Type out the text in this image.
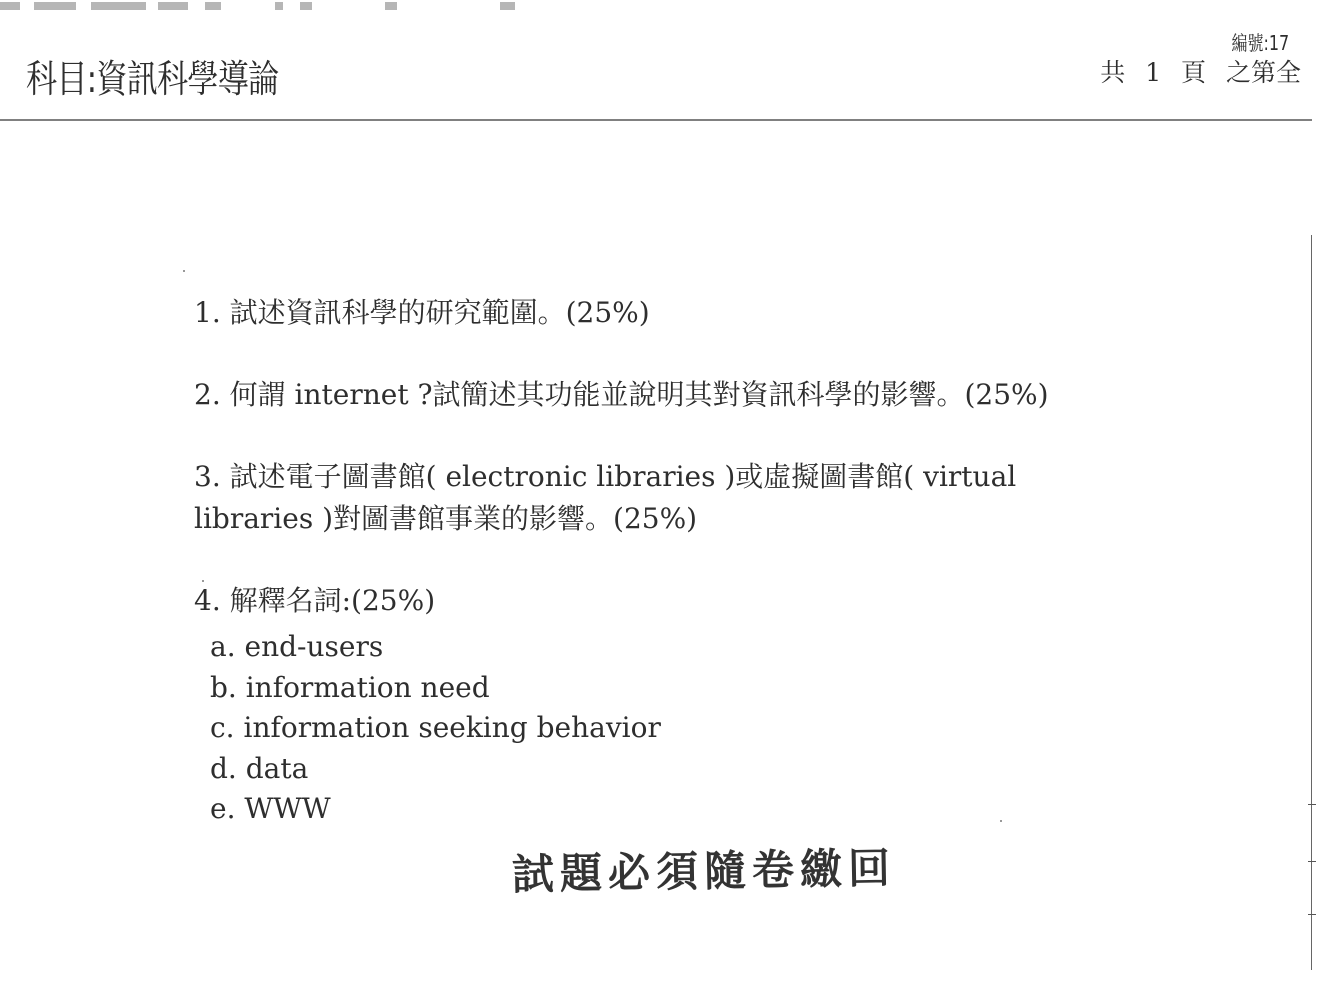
科目:資訊科學導論
編號:17
共 1 頁 之第全

1. 試述資訊科學的研究範圍。(25%)

2. 何謂 internet ?試簡述其功能並說明其對資訊科學的影響。(25%)

3. 試述電子圖書館( electronic libraries )或虛擬圖書館( virtual libraries )對圖書館事業的影響。(25%)

4. 解釋名詞:(25%)

a. end-users
b. information need
c. information seeking behavior
d. data
e. WWW
試題必須隨卷繳回
